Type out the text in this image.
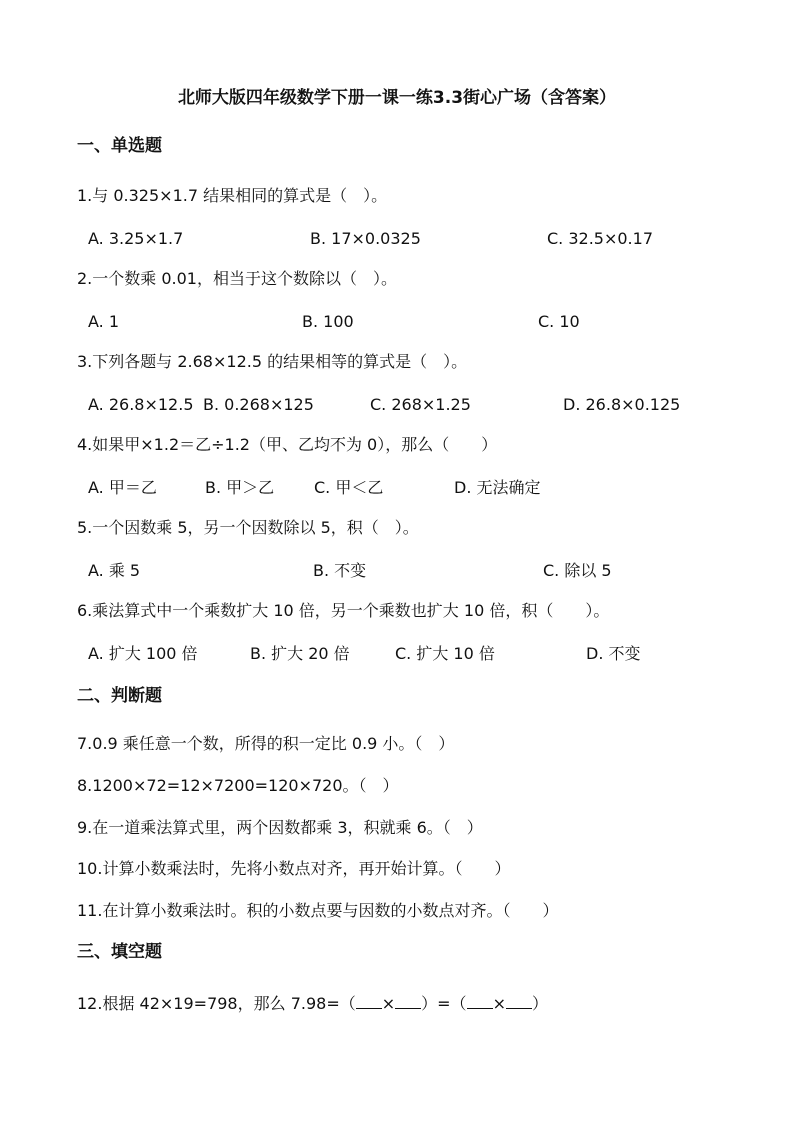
北师大版四年级数学下册一课一练3.3街心广场（含答案）
一、单选题
1.与 0.325×1.7 结果相同的算式是（　）。
A. 3.25×1.7	B. 17×0.0325	C. 32.5×0.17
2.一个数乘 0.01，相当于这个数除以（　）。
A. 1	B. 100	C. 10
3.下列各题与 2.68×12.5 的结果相等的算式是（　）。
A. 26.8×12.5 B. 0.268×125	C. 268×1.25	D. 26.8×0.125
4.如果甲×1.2＝乙÷1.2（甲、乙均不为 0），那么（　　）
A. 甲＝乙	B. 甲＞乙 C. 甲＜乙	D. 无法确定
5.一个因数乘 5，另一个因数除以 5，积（　）。
A. 乘 5	B. 不变	C. 除以 5
6.乘法算式中一个乘数扩大 10 倍，另一个乘数也扩大 10 倍，积（　　）。
A. 扩大 100 倍	B. 扩大 20 倍	C. 扩大 10 倍	D. 不变
二、判断题
7.0.9 乘任意一个数，所得的积一定比 0.9 小。（　）
8.1200×72=12×7200=120×720。（　）
9.在一道乘法算式里，两个因数都乘 3，积就乘 6。（　）
10.计算小数乘法时，先将小数点对齐，再开始计算。（　　）
11.在计算小数乘法时。积的小数点要与因数的小数点对齐。（　　）
三、填空题
12.根据 42×19=798，那么 7.98=（ × ）=（ × ）
